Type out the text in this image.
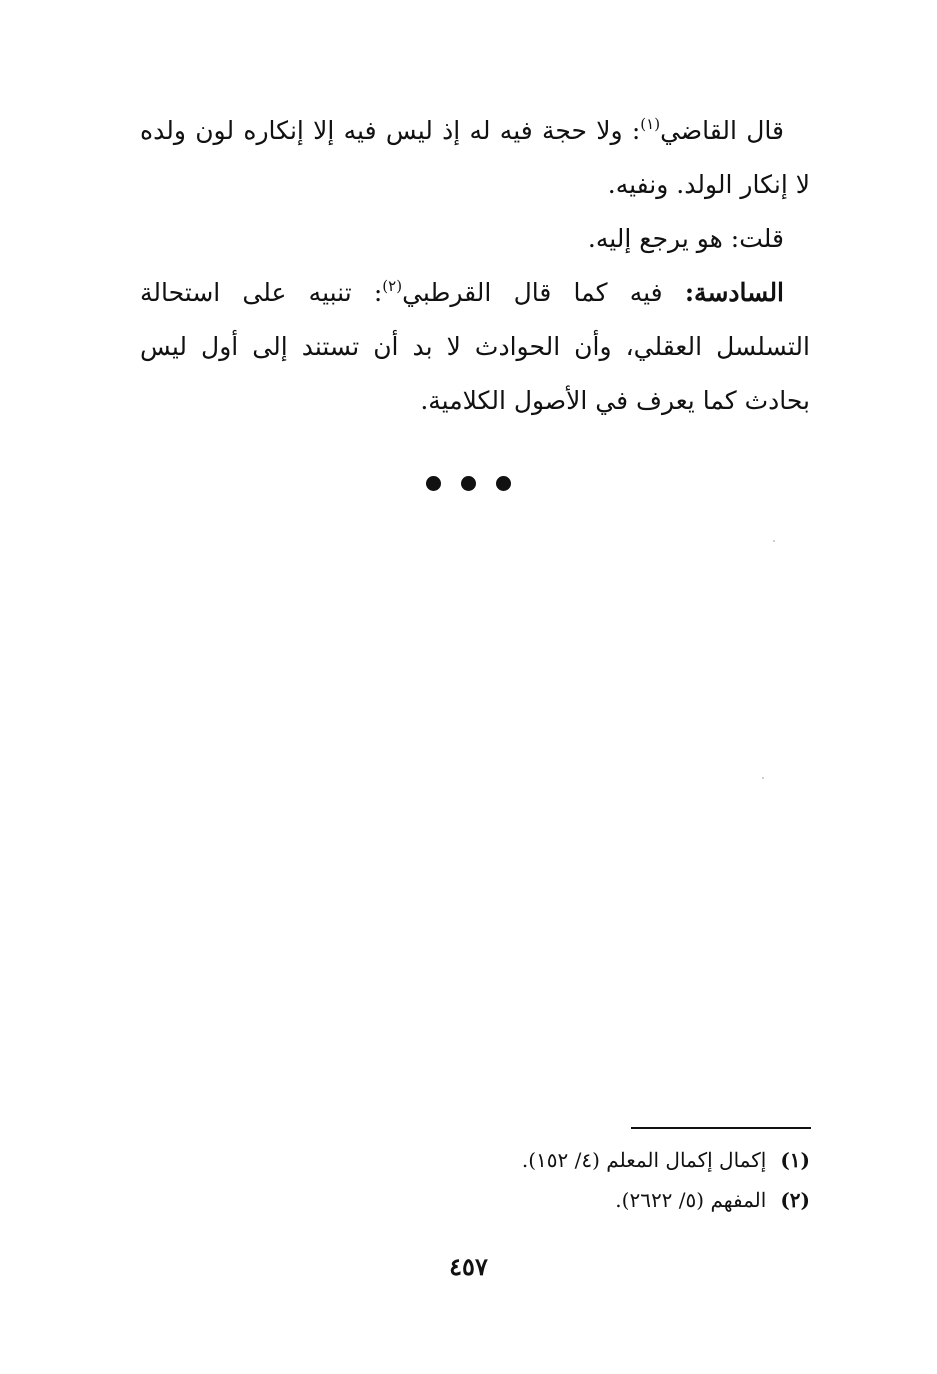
قال القاضي$^{(١)}$: ولا حجة فيه له إذ ليس فيه إلا إنكاره لون ولده لا إنكار الولد. ونفيه.

قلت: هو يرجع إليه.

السادسة: فيه كما قال القرطبي$^{(٢)}$: تنبيه على استحالة التسلسل العقلي، وأن الحوادث لا بد أن تستند إلى أول ليس بحادث كما يعرف في الأصول الكلامية.

(١)إكمال إكمال المعلم (٤/ ١٥٢).

(٢)المفهم (٥/ ٢٦٢٢).

٤٥٧
